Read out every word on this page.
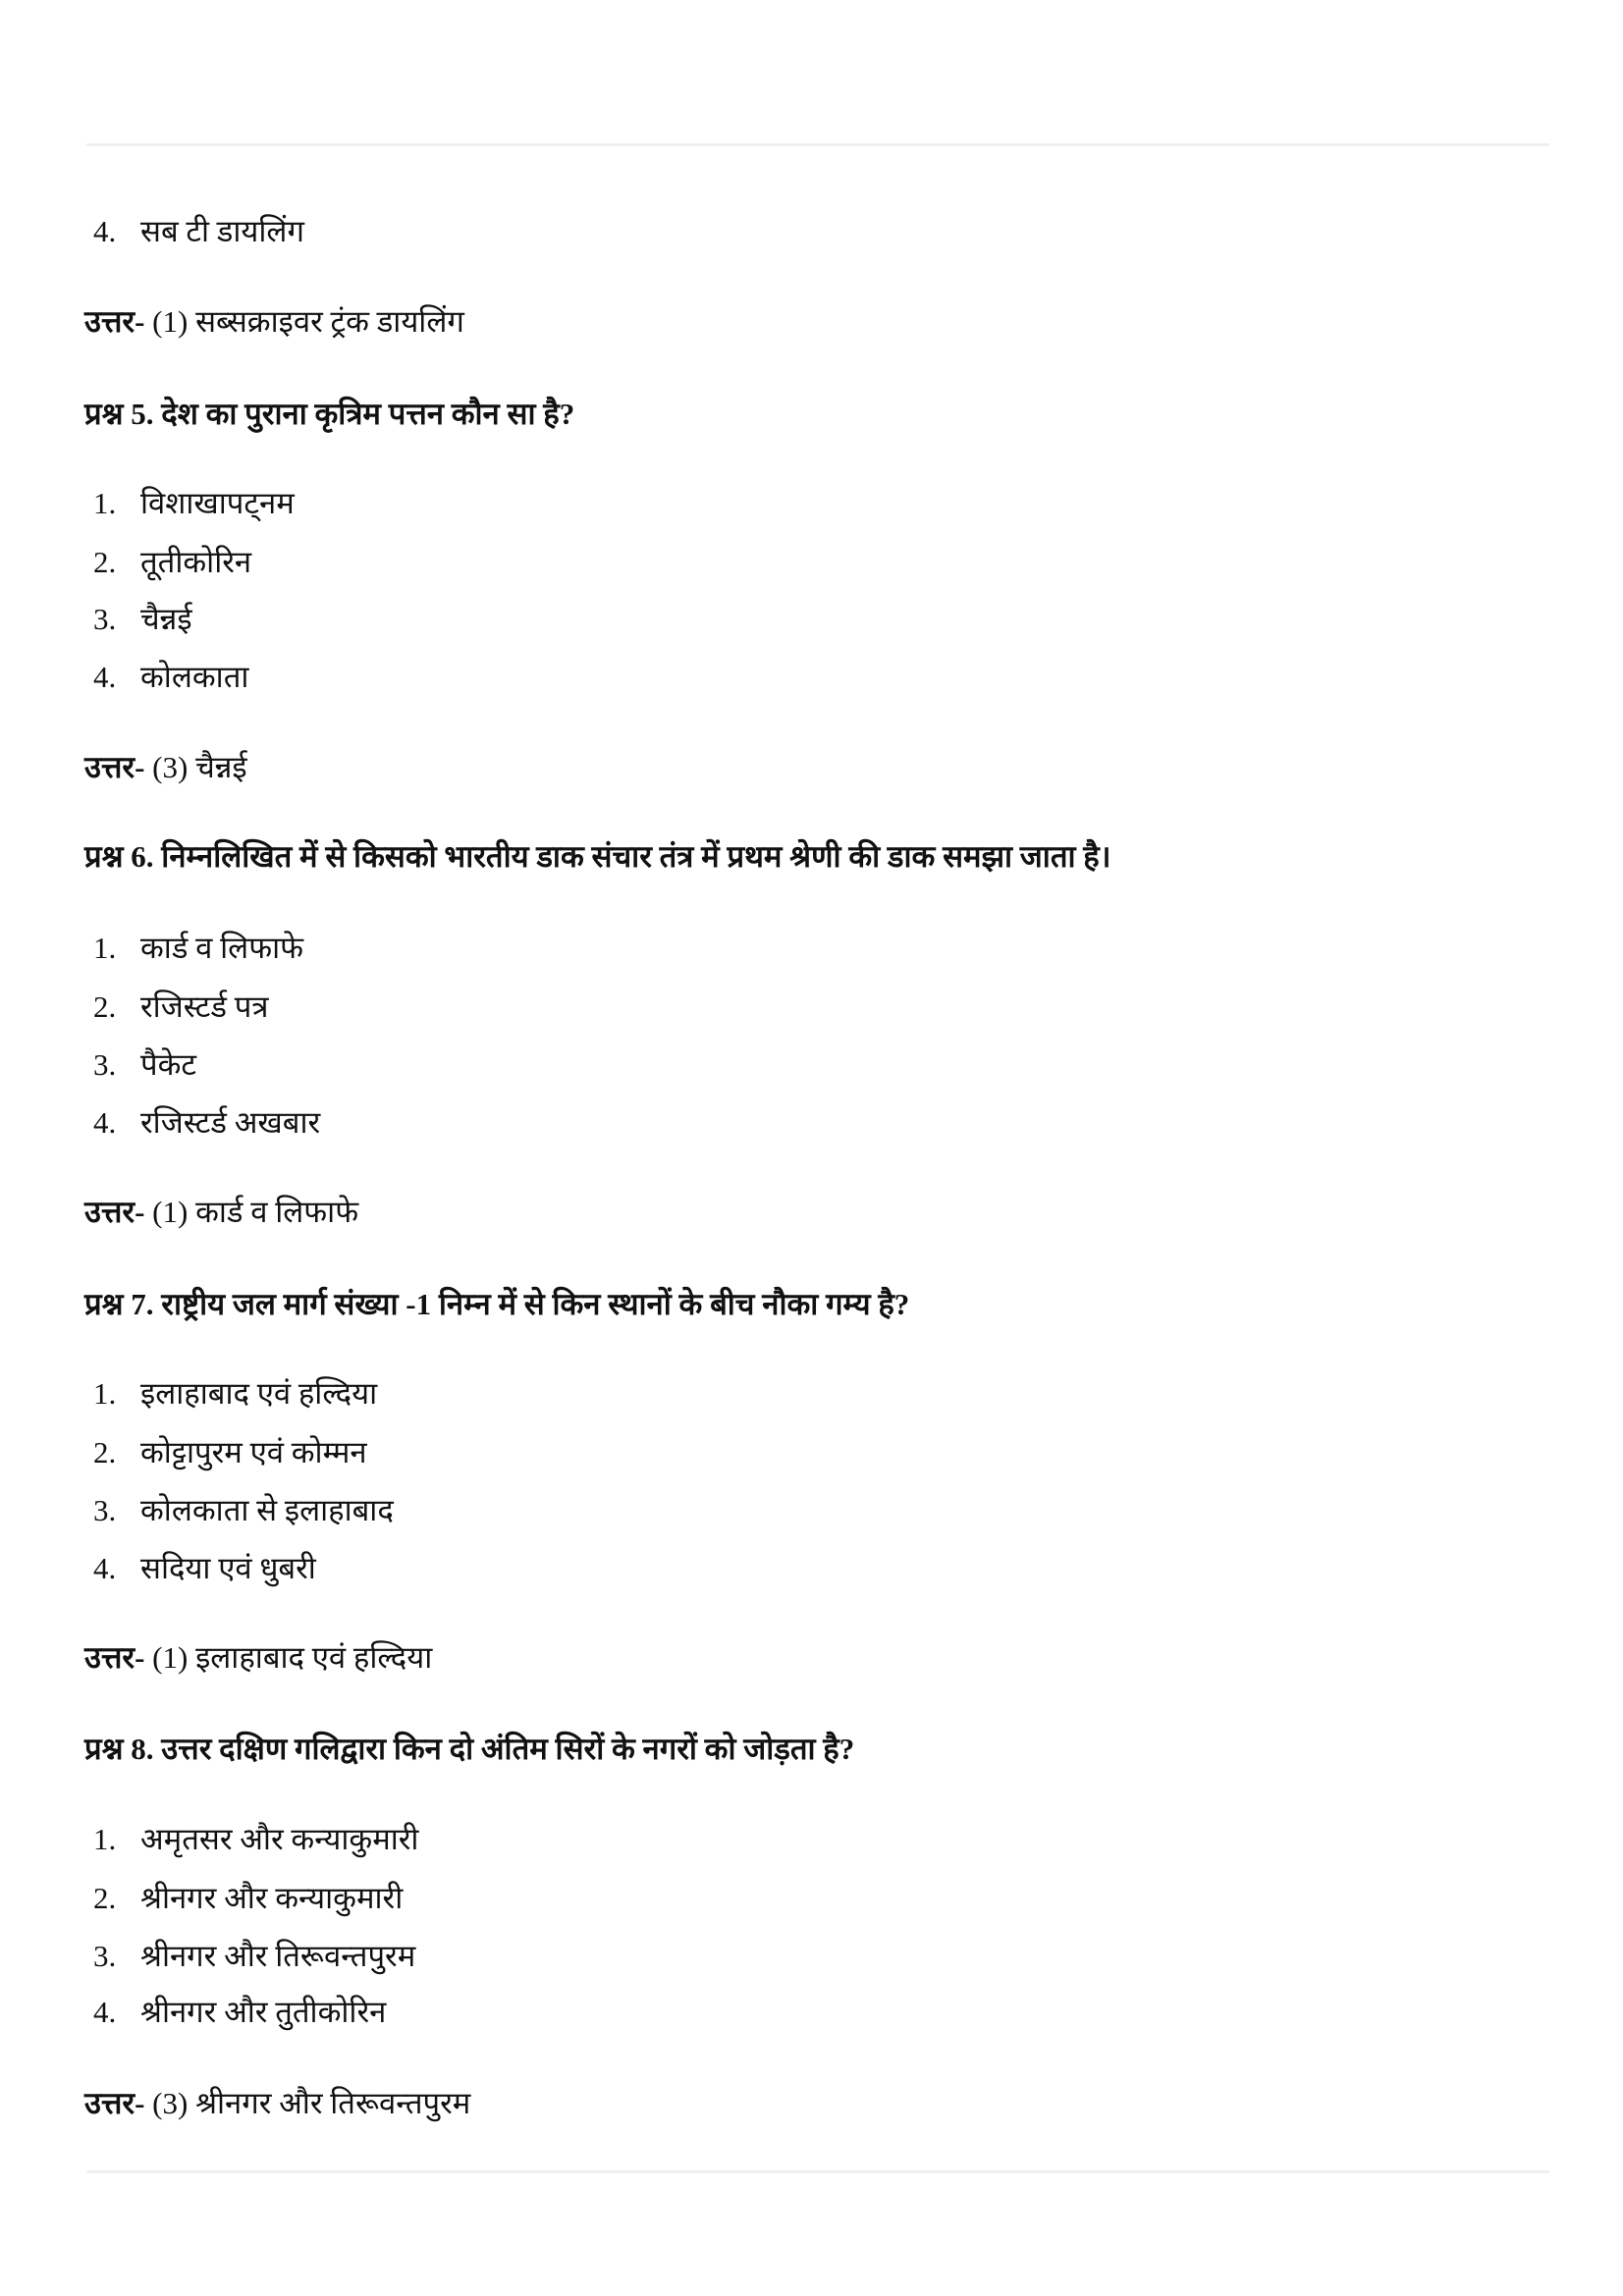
4. सब टी डायलिंग
उत्तर- (1) सब्सक्राइवर ट्रंक डायलिंग
प्रश्न 5. देश का पुराना कृत्रिम पत्तन कौन सा है?
1. विशाखापट्नम
2. तूतीकोरिन
3. चैन्नई
4. कोलकाता
उत्तर- (3) चैन्नई
प्रश्न 6. निम्नलिखित में से किसको भारतीय डाक संचार तंत्र में प्रथम श्रेणी की डाक समझा जाता है।
1. कार्ड व लिफाफे
2. रजिस्टर्ड पत्र
3. पैकेट
4. रजिस्टर्ड अखबार
उत्तर- (1) कार्ड व लिफाफे
प्रश्न 7. राष्ट्रीय जल मार्ग संख्या -1 निम्न में से किन स्थानों के बीच नौका गम्य है?
1. इलाहाबाद एवं हल्दिया
2. कोट्टापुरम एवं कोम्मन
3. कोलकाता से इलाहाबाद
4. सदिया एवं धुबरी
उत्तर- (1) इलाहाबाद एवं हल्दिया
प्रश्न 8. उत्तर दक्षिण गलिद्वारा किन दो अंतिम सिरों के नगरों को जोड़ता है?
1. अमृतसर और कन्याकुमारी
2. श्रीनगर और कन्याकुमारी
3. श्रीनगर और तिरूवन्तपुरम
4. श्रीनगर और तुतीकोरिन
उत्तर- (3) श्रीनगर और तिरूवन्तपुरम
